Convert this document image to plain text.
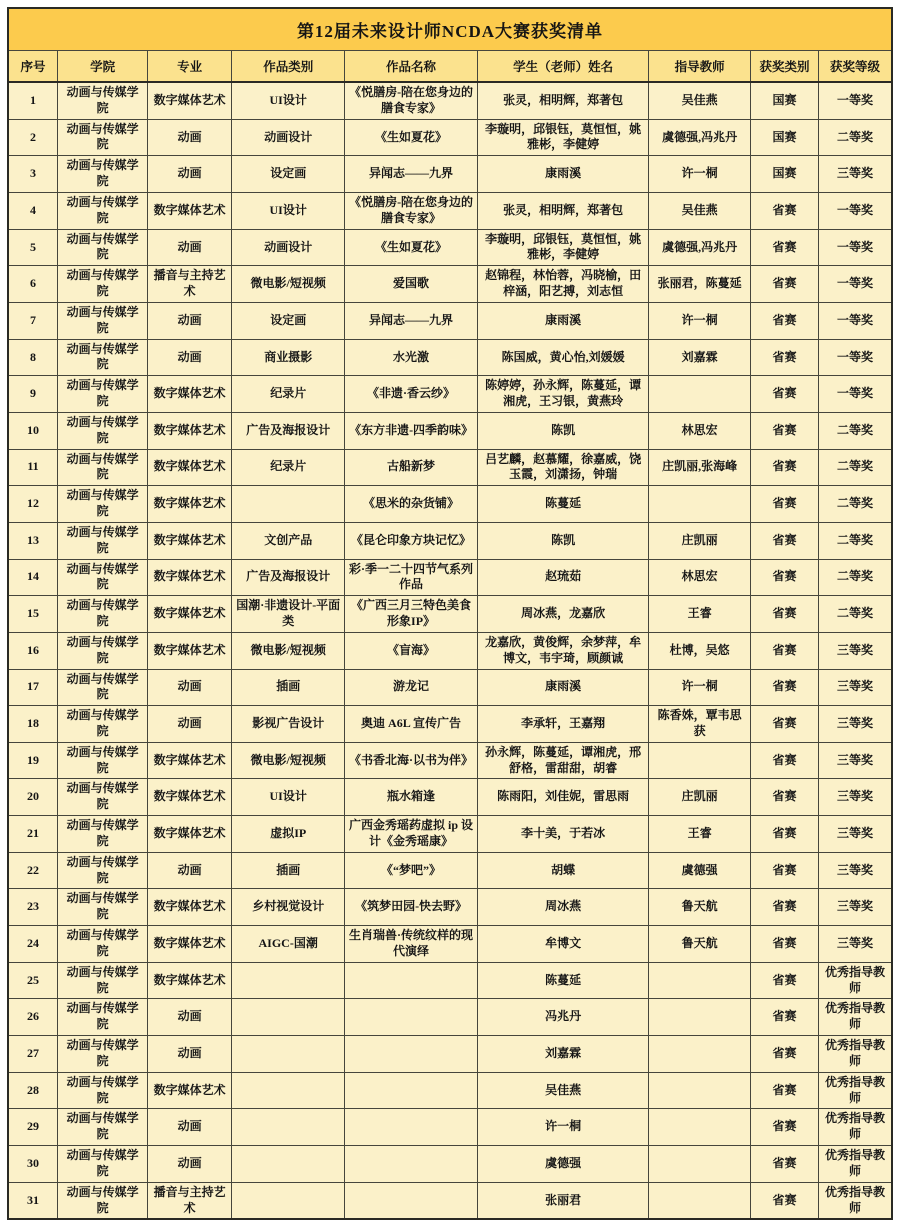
第12届未来设计师NCDA大赛获奖清单								
序号	学院	专业	作品类别	作品名称	学生（老师）姓名	指导教师	获奖类别	获奖等级
1	动画与传媒学院	数字媒体艺术	UI设计	《悦膳房-陪在您身边的膳食专家》	张灵，相明辉，郑著包	吴佳燕	国赛	一等奖
2	动画与传媒学院	动画	动画设计	《生如夏花》	李璇明，邱银钰，莫恒恒，姚雅彬，李健婷	虞德强,冯兆丹	国赛	二等奖
3	动画与传媒学院	动画	设定画	异闻志——九界	康雨溪	许一桐	国赛	三等奖
4	动画与传媒学院	数字媒体艺术	UI设计	《悦膳房-陪在您身边的膳食专家》	张灵，相明辉，郑著包	吴佳燕	省赛	一等奖
5	动画与传媒学院	动画	动画设计	《生如夏花》	李璇明，邱银钰，莫恒恒，姚雅彬，李健婷	虞德强,冯兆丹	省赛	一等奖
6	动画与传媒学院	播音与主持艺术	微电影/短视频	爱国歌	赵锦程，林怡蓉，冯晓榆，田梓涵，阳艺搏，刘志恒	张丽君，陈蔓延	省赛	一等奖
7	动画与传媒学院	动画	设定画	异闻志——九界	康雨溪	许一桐	省赛	一等奖
8	动画与传媒学院	动画	商业摄影	水光激	陈国威，黄心怡,刘媛媛	刘嘉霖	省赛	一等奖
9	动画与传媒学院	数字媒体艺术	纪录片	《非遗·香云纱》	陈婷婷，孙永辉，陈蔓延，谭湘虎，王习银，黄燕玲		省赛	一等奖
10	动画与传媒学院	数字媒体艺术	广告及海报设计	《东方非遗-四季韵味》	陈凯	林思宏	省赛	二等奖
11	动画与传媒学院	数字媒体艺术	纪录片	古船新梦	吕艺麟，赵慕耀，徐嘉威，饶玉霞，刘潇扬，钟瑞	庄凯丽,张海峰	省赛	二等奖
12	动画与传媒学院	数字媒体艺术		《思米的杂货铺》	陈蔓延		省赛	二等奖
13	动画与传媒学院	数字媒体艺术	文创产品	《昆仑印象方块记忆》	陈凯	庄凯丽	省赛	二等奖
14	动画与传媒学院	数字媒体艺术	广告及海报设计	彩·季一二十四节气系列作品	赵琉茹	林思宏	省赛	二等奖
15	动画与传媒学院	数字媒体艺术	国潮·非遗设计-平面类	《广西三月三特色美食形象IP》	周冰燕，龙嘉欣	王睿	省赛	二等奖
16	动画与传媒学院	数字媒体艺术	微电影/短视频	《盲海》	龙嘉欣，黄俊辉，余梦萍，牟博文，韦宇琦，顾颜诚	杜博，吴悠	省赛	三等奖
17	动画与传媒学院	动画	插画	游龙记	康雨溪	许一桐	省赛	三等奖
18	动画与传媒学院	动画	影视广告设计	奥迪 A6L 宣传广告	李承轩，王嘉翔	陈香姝，覃韦思获	省赛	三等奖
19	动画与传媒学院	数字媒体艺术	微电影/短视频	《书香北海·以书为伴》	孙永辉，陈蔓延，谭湘虎，邢舒格，雷甜甜，胡睿		省赛	三等奖
20	动画与传媒学院	数字媒体艺术	UI设计	瓶水箱逢	陈雨阳，刘佳妮，雷思雨	庄凯丽	省赛	三等奖
21	动画与传媒学院	数字媒体艺术	虚拟IP	广西金秀瑶药虚拟 ip 设计《金秀瑶康》	李十美，于若冰	王睿	省赛	三等奖
22	动画与传媒学院	动画	插画	《“梦吧”》	胡蝶	虞德强	省赛	三等奖
23	动画与传媒学院	数字媒体艺术	乡村视觉设计	《筑梦田园-快去野》	周冰燕	鲁天航	省赛	三等奖
24	动画与传媒学院	数字媒体艺术	AIGC-国潮	生肖瑞兽·传统纹样的现代演绎	牟博文	鲁天航	省赛	三等奖
25	动画与传媒学院	数字媒体艺术			陈蔓延		省赛	优秀指导教师
26	动画与传媒学院	动画			冯兆丹		省赛	优秀指导教师
27	动画与传媒学院	动画			刘嘉霖		省赛	优秀指导教师
28	动画与传媒学院	数字媒体艺术			吴佳燕		省赛	优秀指导教师
29	动画与传媒学院	动画			许一桐		省赛	优秀指导教师
30	动画与传媒学院	动画			虞德强		省赛	优秀指导教师
31	动画与传媒学院	播音与主持艺术			张丽君		省赛	优秀指导教师
